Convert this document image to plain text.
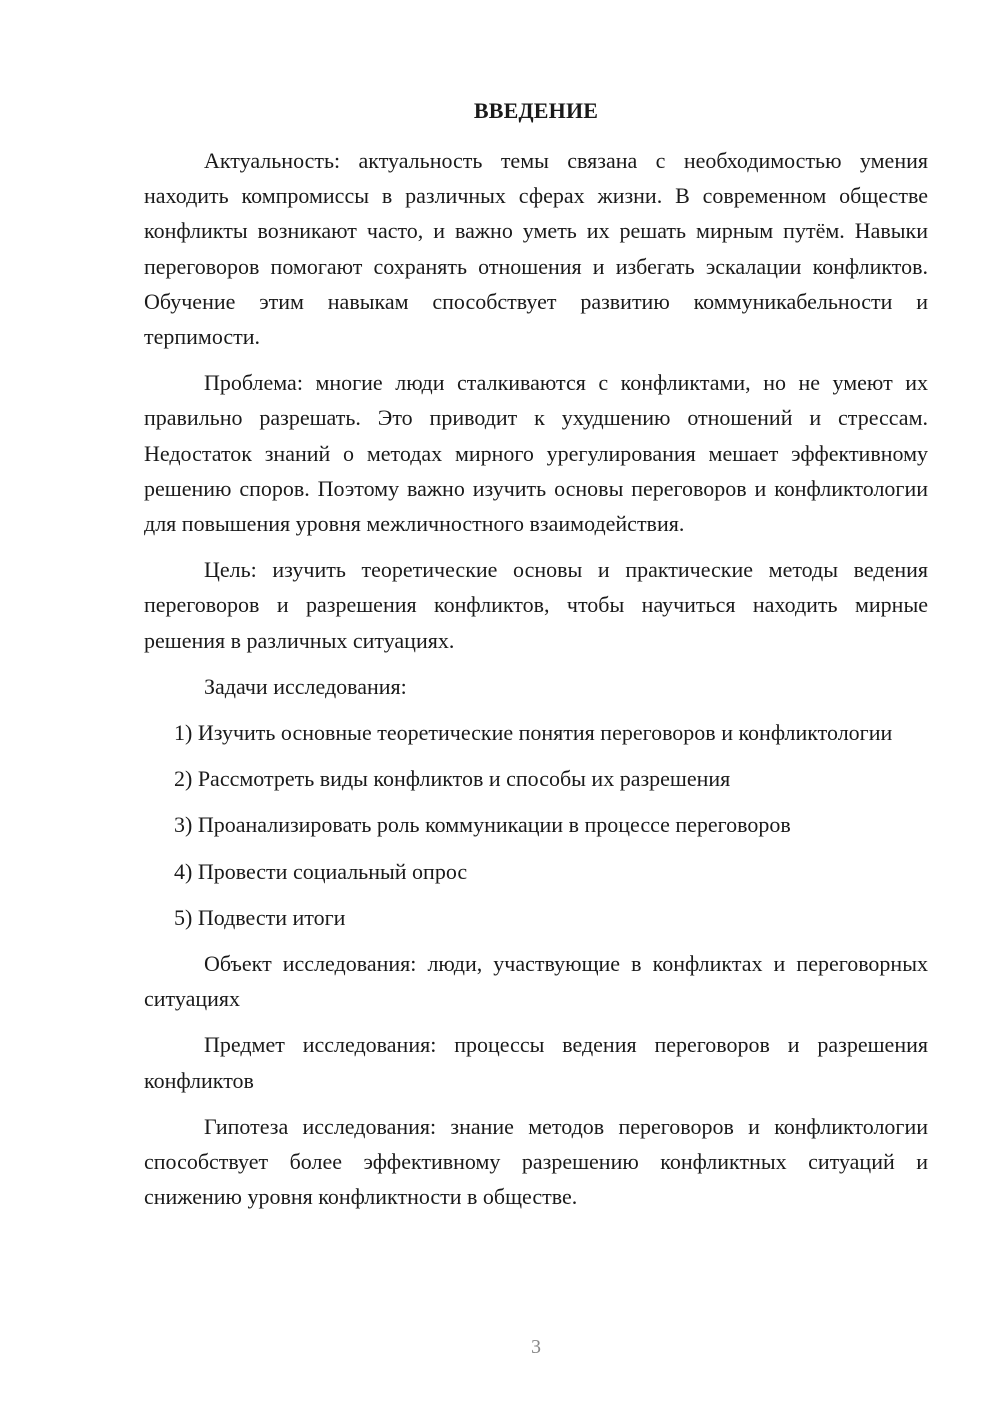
ВВЕДЕНИЕ

Актуальность: актуальность темы связана с необходимостью умения находить компромиссы в различных сферах жизни. В современном обществе конфликты возникают часто, и важно уметь их решать мирным путём. Навыки переговоров помогают сохранять отношения и избегать эскалации конфликтов. Обучение этим навыкам способствует развитию коммуникабельности и терпимости.

Проблема: многие люди сталкиваются с конфликтами, но не умеют их правильно разрешать. Это приводит к ухудшению отношений и стрессам. Недостаток знаний о методах мирного урегулирования мешает эффективному решению споров. Поэтому важно изучить основы переговоров и конфликтологии для повышения уровня межличностного взаимодействия.

Цель: изучить теоретические основы и практические методы ведения переговоров и разрешения конфликтов, чтобы научиться находить мирные решения в различных ситуациях.

Задачи исследования:

1) Изучить основные теоретические понятия переговоров и конфликтологии

2) Рассмотреть виды конфликтов и способы их разрешения

3) Проанализировать роль коммуникации в процессе переговоров

4) Провести социальный опрос

5) Подвести итоги

Объект исследования: люди, участвующие в конфликтах и переговорных ситуациях

Предмет исследования: процессы ведения переговоров и разрешения конфликтов

Гипотеза исследования: знание методов переговоров и конфликтологии способствует более эффективному разрешению конфликтных ситуаций и снижению уровня конфликтности в обществе.

3
